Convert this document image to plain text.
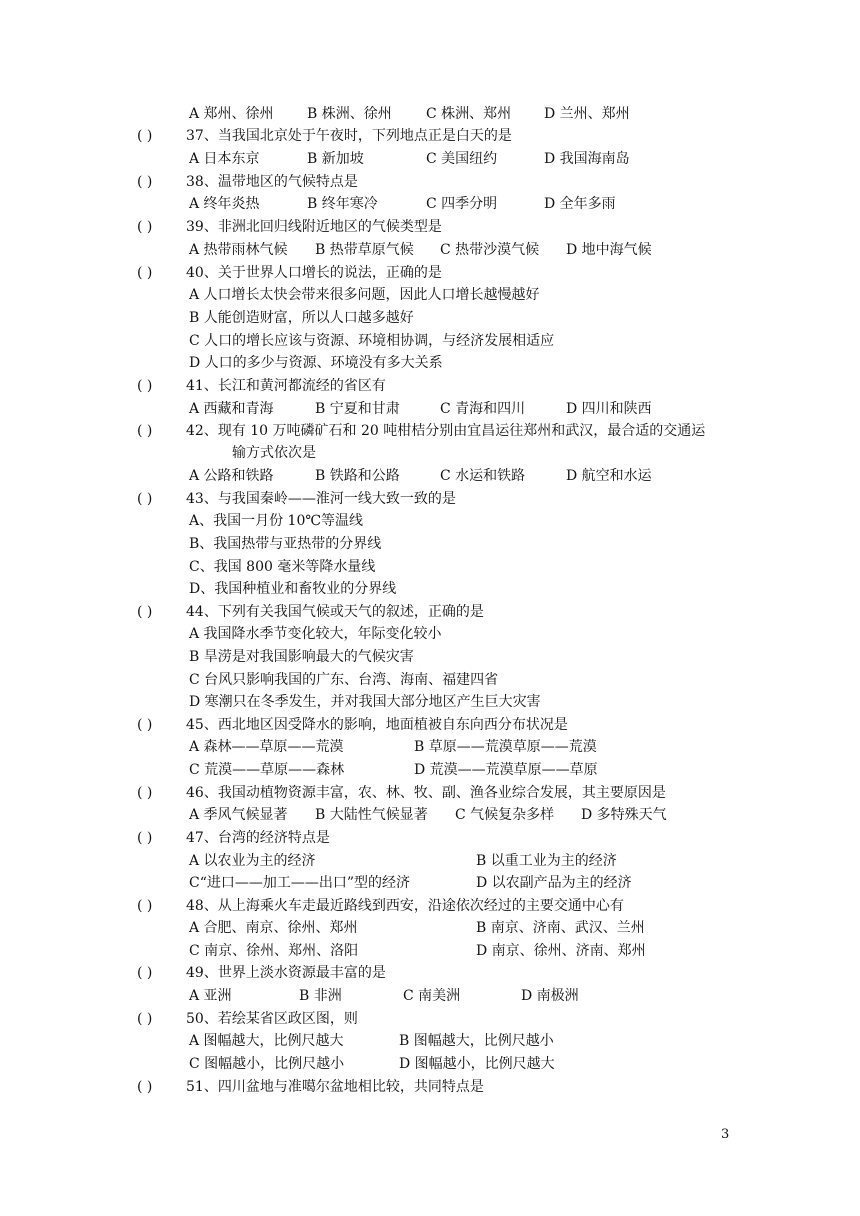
A 郑州、徐州 B 株洲、徐州 C 株洲、郑州 D 兰州、郑州
( ) 37、当我国北京处于午夜时，下列地点正是白天的是
A 日本东京	B 新加坡	C 美国纽约	D 我国海南岛
( ) 38、温带地区的气候特点是
A 终年炎热	B 终年寒冷	C 四季分明	D 全年多雨
( ) 39、非洲北回归线附近地区的气候类型是
A 热带雨林气候 B 热带草原气候 C 热带沙漠气候 D 地中海气候
( ) 40、关于世界人口增长的说法，正确的是
A 人口增长太快会带来很多问题，因此人口增长越慢越好
B 人能创造财富，所以人口越多越好
C 人口的增长应该与资源、环境相协调，与经济发展相适应
D 人口的多少与资源、环境没有多大关系
( ) 41、长江和黄河都流经的省区有
A 西藏和青海	B 宁夏和甘肃	C 青海和四川	D 四川和陕西
( ) 42、现有 10 万吨磷矿石和 20 吨柑桔分别由宜昌运往郑州和武汉，最合适的交通运
输方式依次是
A 公路和铁路	B 铁路和公路	C 水运和铁路	D 航空和水运
( ) 43、与我国秦岭——淮河一线大致一致的是
A、我国一月份 10℃等温线
B、我国热带与亚热带的分界线
C、我国 800 毫米等降水量线
D、我国种植业和畜牧业的分界线
( ) 44、下列有关我国气候或天气的叙述，正确的是
A 我国降水季节变化较大，年际变化较小
B 旱涝是对我国影响最大的气候灾害
C 台风只影响我国的广东、台湾、海南、福建四省
D 寒潮只在冬季发生，并对我国大部分地区产生巨大灾害
( ) 45、西北地区因受降水的影响，地面植被自东向西分布状况是
A 森林——草原——荒漠	B 草原——荒漠草原——荒漠
C 荒漠——草原——森林	D 荒漠——荒漠草原——草原
( ) 46、我国动植物资源丰富，农、林、牧、副、渔各业综合发展，其主要原因是
A 季风气候显著 B 大陆性气候显著 C 气候复杂多样 D 多特殊天气
( ) 47、台湾的经济特点是
A 以农业为主的经济	B 以重工业为主的经济
C“进口——加工——出口”型的经济	D 以农副产品为主的经济
( ) 48、从上海乘火车走最近路线到西安，沿途依次经过的主要交通中心有
A 合肥、南京、徐州、郑州	B 南京、济南、武汉、兰州
C 南京、徐州、郑州、洛阳	D 南京、徐州、济南、郑州
( ) 49、世界上淡水资源最丰富的是
A 亚洲	B 非洲	C 南美洲	D 南极洲
( ) 50、若绘某省区政区图，则
A 图幅越大，比例尺越大	B 图幅越大，比例尺越小
C 图幅越小，比例尺越小	D 图幅越小，比例尺越大
( ) 51、四川盆地与准噶尔盆地相比较，共同特点是
3
